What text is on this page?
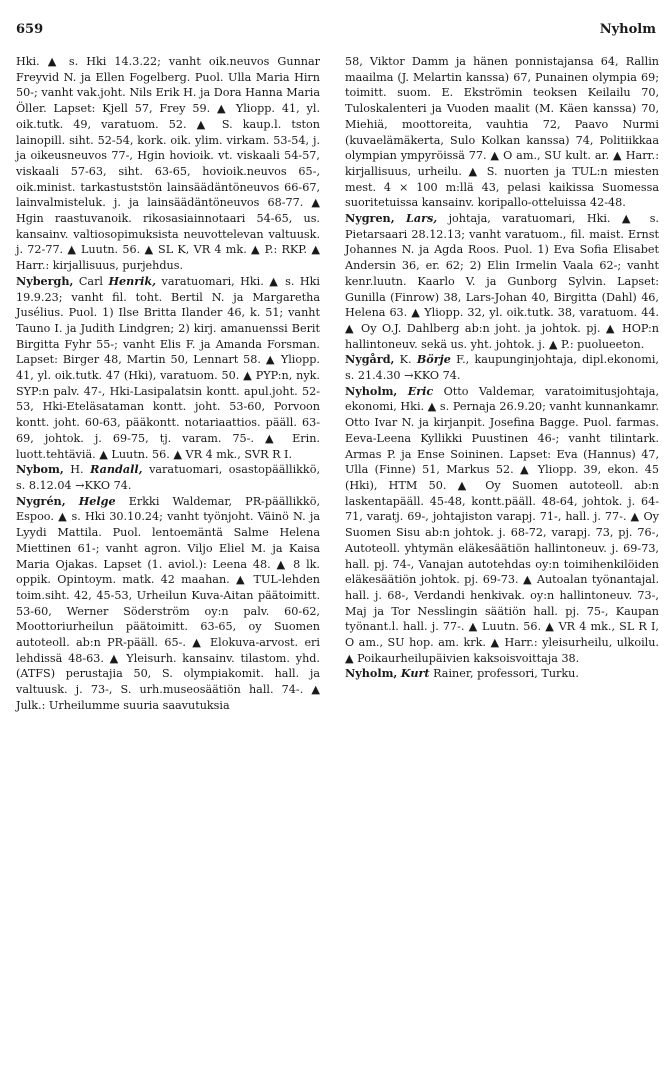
659	Nyholm

Hki. ▲ s. Hki 14.3.22; vanht oik.neuvos Gunnar Freyvid N. ja Ellen Fogelberg. Puol. Ulla Maria Hirn 50-; vanht vak.joht. Nils Erik H. ja Dora Hanna Maria Öller. Lapset: Kjell 57, Frey 59. ▲ Yliopp. 41, yl. oik.tutk. 49, varatuom. 52. ▲ S. kaup.l. tston lainopill. siht. 52-54, kork. oik. ylim. virkam. 53-54, j. ja oikeusneuvos 77-, Hgin hovioik. vt. viskaali 54-57, viskaali 57-63, siht. 63-65, hovioik.neuvos 65-, oik.minist. tarkastuststön lainsäädäntöneuvos 66-67, lainvalmisteluk. j. ja lainsäädäntöneuvos 68-77. ▲ Hgin raastuvanoik. rikosasiainnotaari 54-65, us. kansainv. valtiosopimuksista neuvottelevan valtuusk. j. 72-77. ▲ Luutn. 56. ▲ SL K, VR 4 mk. ▲ P.: RKP. ▲ Harr.: kirjallisuus, purjehdus.

Nybergh, Carl Henrik, varatuomari, Hki. ▲ s. Hki 19.9.23; vanht fil. toht. Bertil N. ja Margaretha Jusélius. Puol. 1) Ilse Britta Ilander 46, k. 51; vanht Tauno I. ja Judith Lindgren; 2) kirj. amanuenssi Berit Birgitta Fyhr 55-; vanht Elis F. ja Amanda Forsman. Lapset: Birger 48, Martin 50, Lennart 58. ▲ Yliopp. 41, yl. oik.tutk. 47 (Hki), varatuom. 50. ▲ PYP:n, nyk. SYP:n palv. 47-, Hki-Lasipalatsin kontt. apul.joht. 52-53, Hki-Eteläsataman kontt. joht. 53-60, Porvoon kontt. joht. 60-63, pääkontt. notariaattios. pääll. 63-69, johtok. j. 69-75, tj. varam. 75-. ▲ Erin. luott.tehtäviä. ▲ Luutn. 56. ▲ VR 4 mk., SVR R I.

Nybom, H. Randall, varatuomari, osastopäällikkö, s. 8.12.04 →KKO 74.

Nygrén, Helge Erkki Waldemar, PR-päällikkö, Espoo. ▲ s. Hki 30.10.24; vanht työnjoht. Väinö N. ja Lyydi Mattila. Puol. lentoemäntä Salme Helena Miettinen 61-; vanht agron. Viljo Eliel M. ja Kaisa Maria Ojakas. Lapset (1. aviol.): Leena 48. ▲ 8 lk. oppik. Opintoym. matk. 42 maahan. ▲ TUL-lehden toim.siht. 42, 45-53, Urheilun Kuva-Aitan päätoimitt. 53-60, Werner Söderström oy:n palv. 60-62, Moottoriurheilun päätoimitt. 63-65, oy Suomen autoteoll. ab:n PR-pääll. 65-. ▲ Elokuva-arvost. eri lehdissä 48-63. ▲ Yleisurh. kansainv. tilastom. yhd. (ATFS) perustajia 50, S. olympiakomit. hall. ja valtuusk. j. 73-, S. urh.museosäätiön hall. 74-. ▲ Julk.: Urheilumme suuria saavutuksia

58, Viktor Damm ja hänen ponnistajansa 64, Rallin maailma (J. Melartin kanssa) 67, Punainen olympia 69; toimitt. suom. E. Ekströmin teoksen Keilailu 70, Tuloskalenteri ja Vuoden maalit (M. Käen kanssa) 70, Miehiä, moottoreita, vauhtia 72, Paavo Nurmi (kuvaelämäkerta, Sulo Kolkan kanssa) 74, Politiikkaa olympian ympyröissä 77. ▲ O am., SU kult. ar. ▲ Harr.: kirjallisuus, urheilu. ▲ S. nuorten ja TUL:n miesten mest. 4 × 100 m:llä 43, pelasi kaikissa Suomessa suoritetuissa kansainv. koripallo-otteluissa 42-48.

Nygren, Lars, johtaja, varatuomari, Hki. ▲ s. Pietarsaari 28.12.13; vanht varatuom., fil. maist. Ernst Johannes N. ja Agda Roos. Puol. 1) Eva Sofia Elisabet Andersin 36, er. 62; 2) Elin Irmelin Vaala 62-; vanht kenr.luutn. Kaarlo V. ja Gunborg Sylvin. Lapset: Gunilla (Finrow) 38, Lars-Johan 40, Birgitta (Dahl) 46, Helena 63. ▲ Yliopp. 32, yl. oik.tutk. 38, varatuom. 44. ▲ Oy O.J. Dahlberg ab:n joht. ja johtok. pj. ▲ HOP:n hallintoneuv. sekä us. yht. johtok. j. ▲ P.: puolueeton.

Nygård, K. Börje F., kaupunginjohtaja, dipl.ekonomi, s. 21.4.30 →KKO 74.

Nyholm, Eric Otto Valdemar, varatoimitusjohtaja, ekonomi, Hki. ▲ s. Pernaja 26.9.20; vanht kunnankamr. Otto Ivar N. ja kirjanpit. Josefina Bagge. Puol. farmas. Eeva-Leena Kyllikki Puustinen 46-; vanht tilintark. Armas P. ja Ense Soininen. Lapset: Eva (Hannus) 47, Ulla (Finne) 51, Markus 52. ▲ Yliopp. 39, ekon. 45 (Hki), HTM 50. ▲ Oy Suomen autoteoll. ab:n laskentapääll. 45-48, kontt.pääll. 48-64, johtok. j. 64-71, varatj. 69-, johtajiston varapj. 71-, hall. j. 77-. ▲ Oy Suomen Sisu ab:n johtok. j. 68-72, varapj. 73, pj. 76-, Autoteoll. yhtymän eläkesäätiön hallintoneuv. j. 69-73, hall. pj. 74-, Vanajan autotehdas oy:n toimihenkilöiden eläkesäätiön johtok. pj. 69-73. ▲ Autoalan työnantajal. hall. j. 68-, Verdandi henkivak. oy:n hallintoneuv. 73-, Maj ja Tor Nesslingin säätiön hall. pj. 75-, Kaupan työnant.l. hall. j. 77-. ▲ Luutn. 56. ▲ VR 4 mk., SL R I, O am., SU hop. am. krk. ▲ Harr.: yleisurheilu, ulkoilu. ▲ Poikaurheilupäivien kaksoisvoittaja 38.

Nyholm, Kurt Rainer, professori, Turku.
